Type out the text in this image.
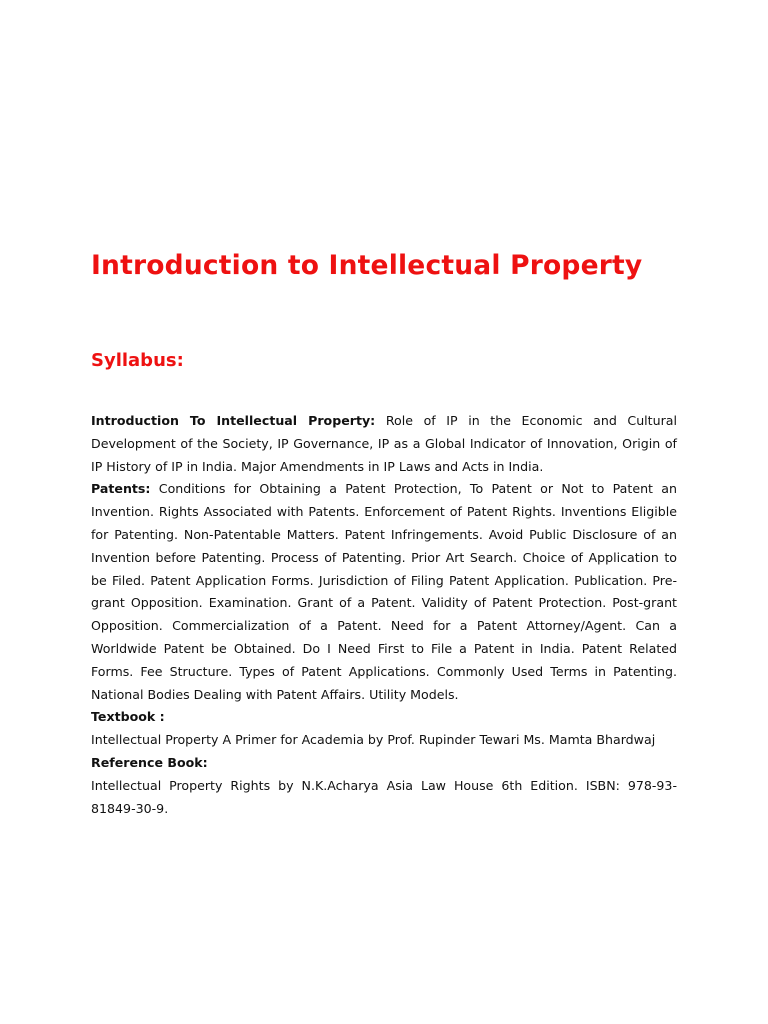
Introduction to Intellectual Property
Syllabus:

Introduction To Intellectual Property: Role of IP in the Economic and Cultural Development of the Society, IP Governance, IP as a Global Indicator of Innovation, Origin of IP History of IP in India. Major Amendments in IP Laws and Acts in India.

Patents: Conditions for Obtaining a Patent Protection, To Patent or Not to Patent an Invention. Rights Associated with Patents. Enforcement of Patent Rights. Inventions Eligible for Patenting. Non-Patentable Matters. Patent Infringements. Avoid Public Disclosure of an Invention before Patenting. Process of Patenting. Prior Art Search. Choice of Application to be Filed. Patent Application Forms. Jurisdiction of Filing Patent Application. Publication. Pre-grant Opposition. Examination. Grant of a Patent. Validity of Patent Protection. Post-grant Opposition. Commercialization of a Patent. Need for a Patent Attorney/Agent. Can a Worldwide Patent be Obtained. Do I Need First to File a Patent in India. Patent Related Forms. Fee Structure. Types of Patent Applications. Commonly Used Terms in Patenting. National Bodies Dealing with Patent Affairs. Utility Models.

Textbook :

Intellectual Property A Primer for Academia by Prof. Rupinder Tewari Ms. Mamta Bhardwaj

Reference Book:

Intellectual Property Rights by N.K.Acharya Asia Law House 6th Edition. ISBN: 978-93-81849-30-9.
